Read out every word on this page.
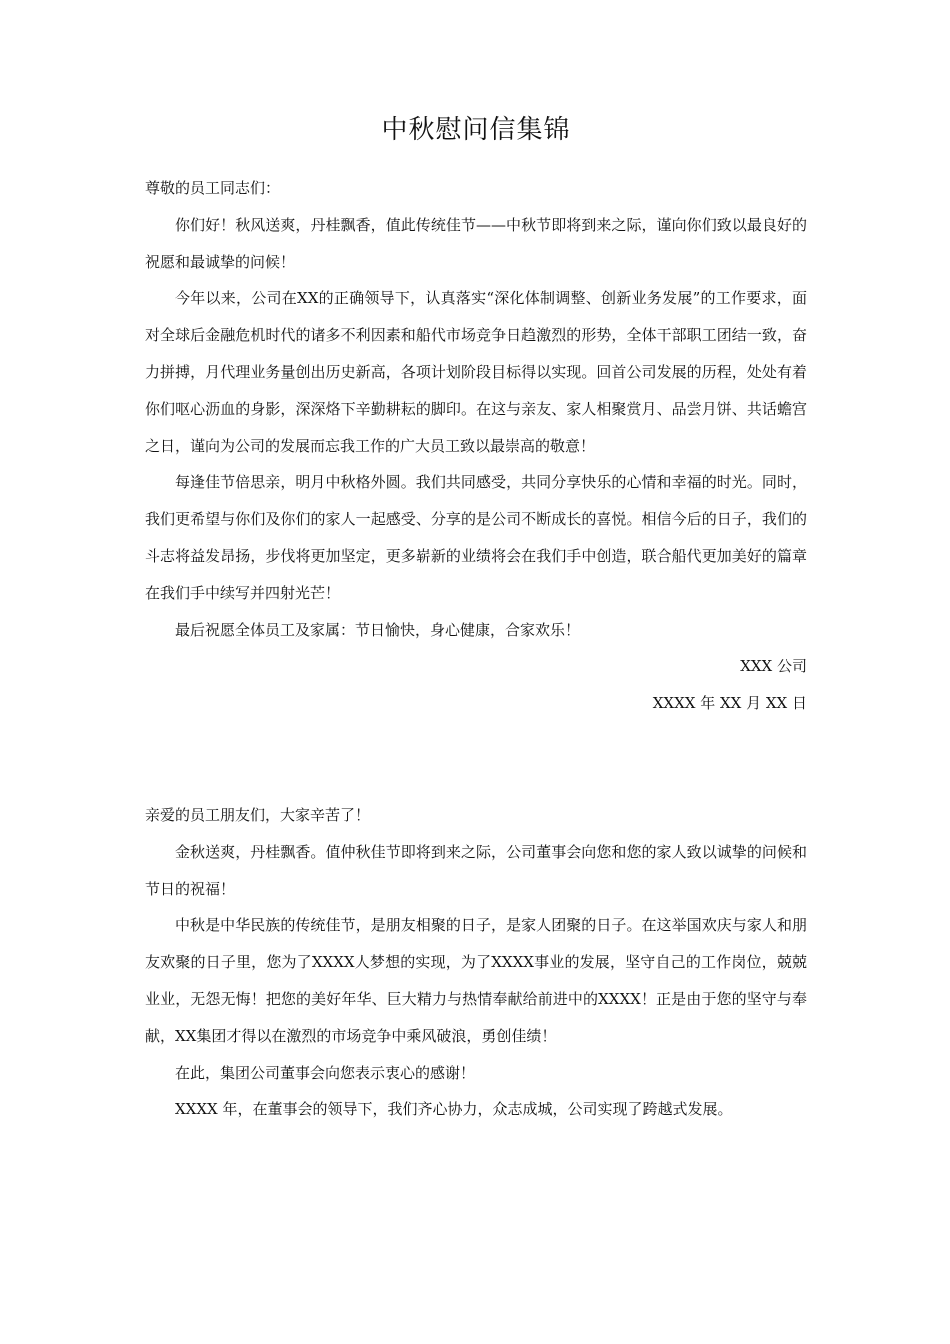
中秋慰问信集锦

尊敬的员工同志们：

你们好！秋风送爽，丹桂飘香，值此传统佳节——中秋节即将到来之际，谨向你们致以最良好的祝愿和最诚挚的问候！

今年以来，公司在XX的正确领导下，认真落实“深化体制调整、创新业务发展”的工作要求，面对全球后金融危机时代的诸多不利因素和船代市场竞争日趋激烈的形势，全体干部职工团结一致，奋力拼搏，月代理业务量创出历史新高，各项计划阶段目标得以实现。回首公司发展的历程，处处有着你们呕心沥血的身影，深深烙下辛勤耕耘的脚印。在这与亲友、家人相聚赏月、品尝月饼、共话蟾宫之日，谨向为公司的发展而忘我工作的广大员工致以最崇高的敬意！

每逢佳节倍思亲，明月中秋格外圆。我们共同感受，共同分享快乐的心情和幸福的时光。同时，我们更希望与你们及你们的家人一起感受、分享的是公司不断成长的喜悦。相信今后的日子，我们的斗志将益发昂扬，步伐将更加坚定，更多崭新的业绩将会在我们手中创造，联合船代更加美好的篇章在我们手中续写并四射光芒！

最后祝愿全体员工及家属：节日愉快，身心健康，合家欢乐！

XXX 公司

XXXX 年 XX 月 XX 日

亲爱的员工朋友们，大家辛苦了！

金秋送爽，丹桂飘香。值仲秋佳节即将到来之际，公司董事会向您和您的家人致以诚挚的问候和节日的祝福！

中秋是中华民族的传统佳节，是朋友相聚的日子，是家人团聚的日子。在这举国欢庆与家人和朋友欢聚的日子里，您为了XXXX人梦想的实现，为了XXXX事业的发展，坚守自己的工作岗位，兢兢业业，无怨无悔！把您的美好年华、巨大精力与热情奉献给前进中的XXXX！正是由于您的坚守与奉献，XX集团才得以在激烈的市场竞争中乘风破浪，勇创佳绩！

在此，集团公司董事会向您表示衷心的感谢！

XXXX 年，在董事会的领导下，我们齐心协力，众志成城，公司实现了跨越式发展。
